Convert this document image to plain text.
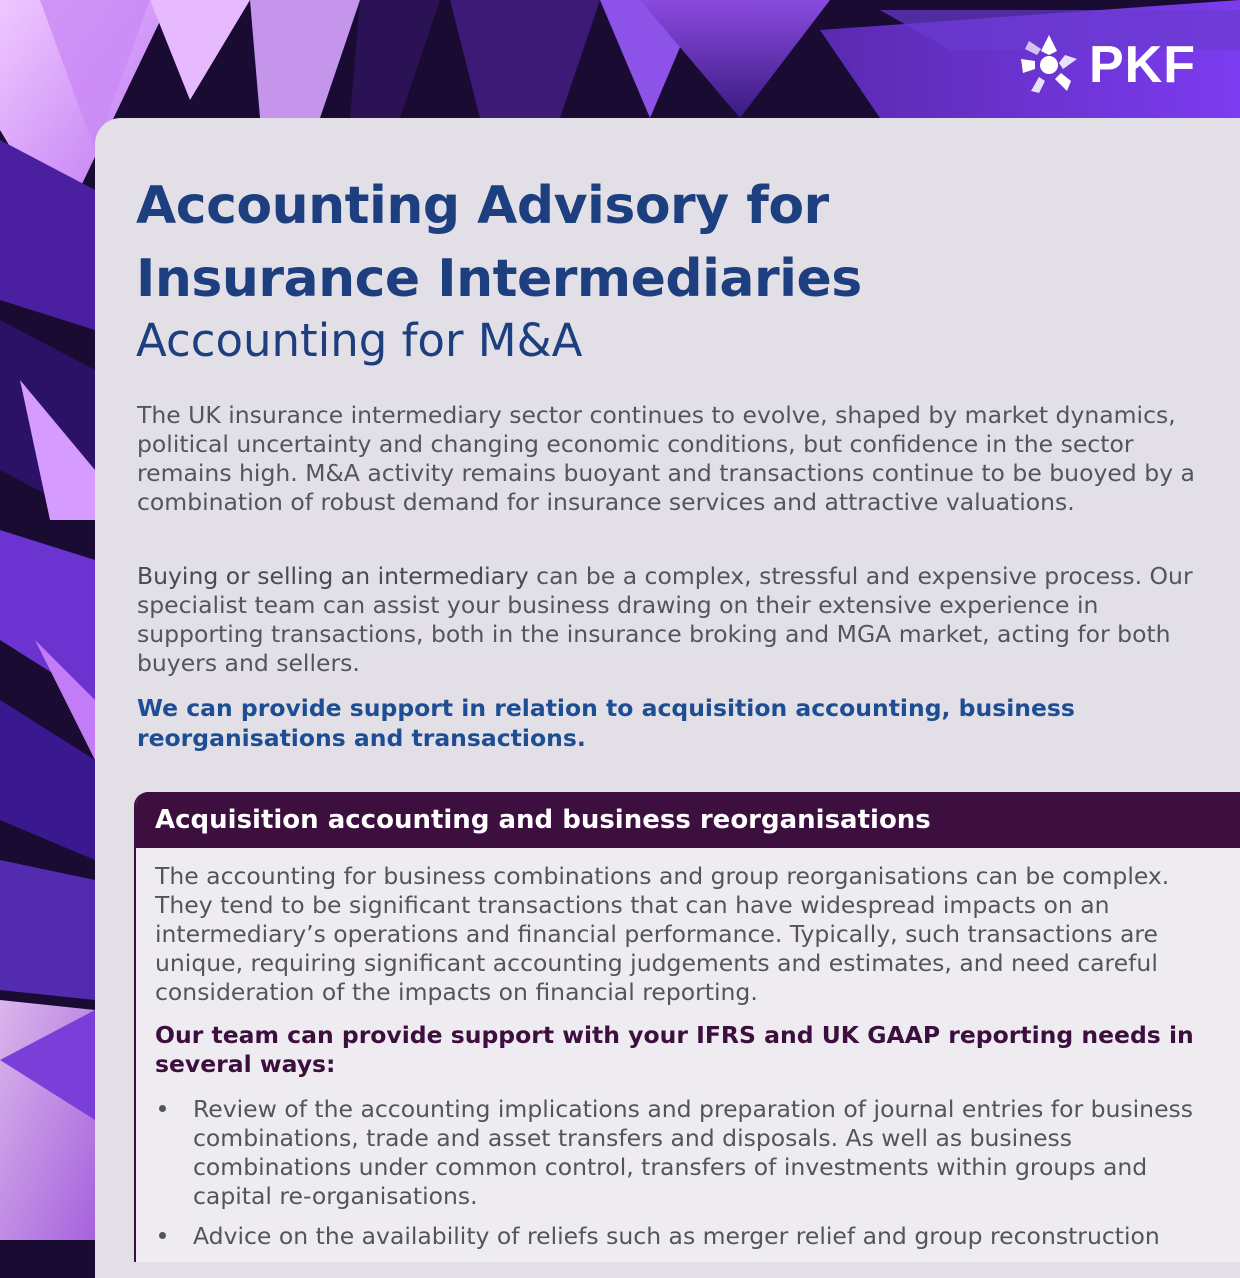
PKF
Accounting Advisory for
Insurance Intermediaries
Accounting for M&A

The UK insurance intermediary sector continues to evolve, shaped by market dynamics, political uncertainty and changing economic conditions, but confidence in the sector remains high. M&A activity remains buoyant and transactions continue to be buoyed by a combination of robust demand for insurance services and attractive valuations.

Buying or selling an intermediary can be a complex, stressful and expensive process. Our specialist team can assist your business drawing on their extensive experience in supporting transactions, both in the insurance broking and MGA market, acting for both buyers and sellers.

We can provide support in relation to acquisition accounting, business reorganisations and transactions.

Acquisition accounting and business reorganisations

The accounting for business combinations and group reorganisations can be complex. They tend to be significant transactions that can have widespread impacts on an intermediary’s operations and financial performance. Typically, such transactions are unique, requiring significant accounting judgements and estimates, and need careful consideration of the impacts on financial reporting.

Our team can provide support with your IFRS and UK GAAP reporting needs in several ways:

Review of the accounting implications and preparation of journal entries for business combinations, trade and asset transfers and disposals. As well as business combinations under common control, transfers of investments within groups and capital re-organisations.

Advice on the availability of reliefs such as merger relief and group reconstruction
